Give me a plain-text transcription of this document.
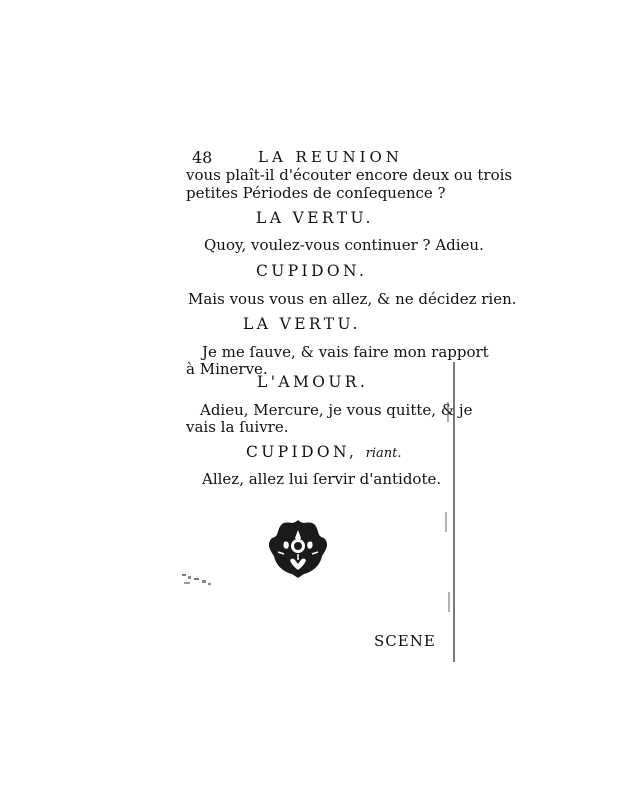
48	LA REUNION
vous plaît-il d'écouter encore deux ou trois
petites Périodes de conſequence ?
LA VERTU.
Quoy, voulez-vous continuer ? Adieu.
CUPIDON.
Mais vous vous en allez, & ne décidez rien.
LA VERTU.
Je me ſauve, & vais faire mon rapport
à Minerve.
L'AMOUR.
Adieu, Mercure, je vous quitte, & je
vais la ſuivre.
CUPIDON, riant.
Allez, allez lui ſervir d'antidote.
SCENE
